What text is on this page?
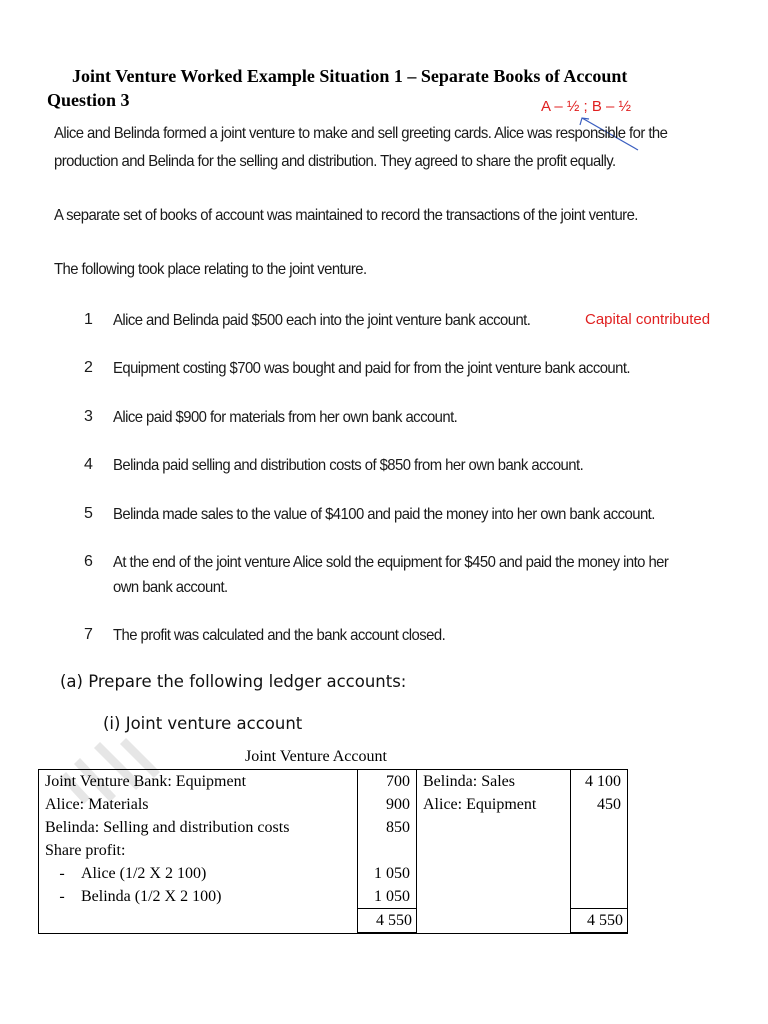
Joint Venture Worked Example Situation 1 – Separate Books of Account
Question 3	A – ½ ; B – ½
Alice and Belinda formed a joint venture to make and sell greeting cards. Alice was responsible for the
production and Belinda for the selling and distribution. They agreed to share the profit equally.
A separate set of books of account was maintained to record the transactions of the joint venture.
The following took place relating to the joint venture.
1 Alice and Belinda paid $500 each into the joint venture bank account.	Capital contributed
2 Equipment costing $700 was bought and paid for from the joint venture bank account.
3 Alice paid $900 for materials from her own bank account.
4 Belinda paid selling and distribution costs of $850 from her own bank account.
5 Belinda made sales to the value of $4100 and paid the money into her own bank account.
6 At the end of the joint venture Alice sold the equipment for $450 and paid the money into her
own bank account.
7 The profit was calculated and the bank account closed.
(a) Prepare the following ledger accounts:
(i) Joint venture account
Joint Venture Account
Joint Venture Bank: Equipment	700	Belinda: Sales	4 100
Alice: Materials	900	Alice: Equipment	450
Belinda: Selling and distribution costs	850		
Share profit:			
- Alice (1/2 X 2 100)	1 050		
- Belinda (1/2 X 2 100)	1 050		

	4 550		4 550
